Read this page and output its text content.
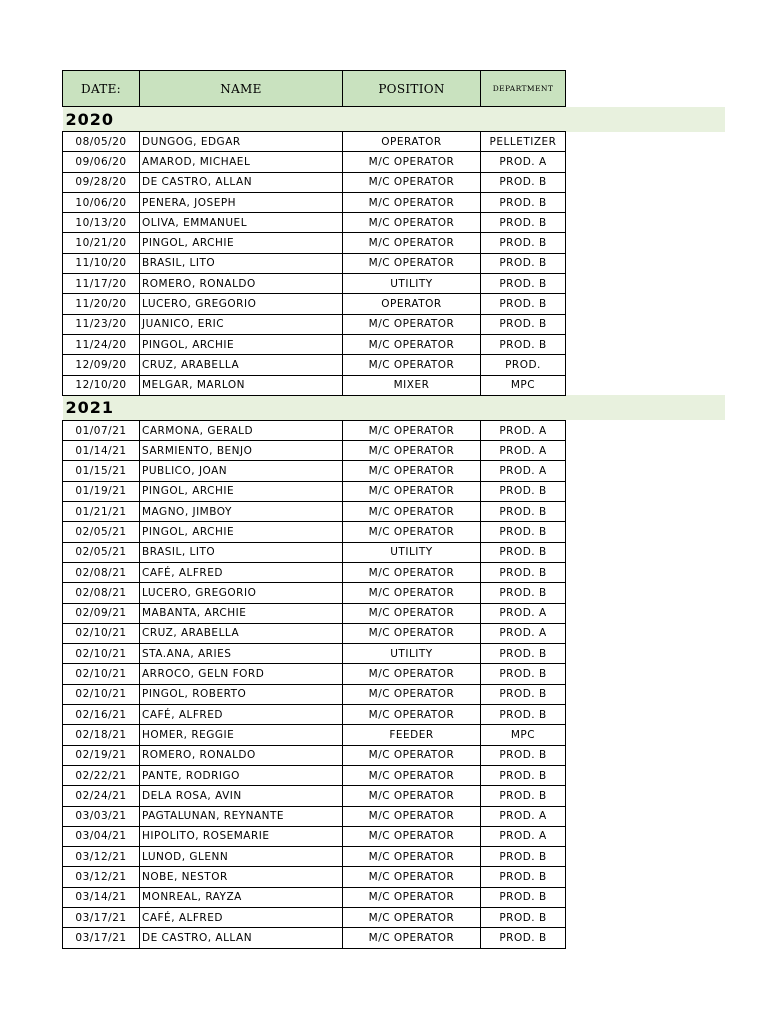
DATE:	NAME	POSITION	DEPARTMENT	
2020				
08/05/20	DUNGOG, EDGAR	OPERATOR	PELLETIZER	
09/06/20	AMAROD, MICHAEL	M/C OPERATOR	PROD. A	
09/28/20	DE CASTRO, ALLAN	M/C OPERATOR	PROD. B	
10/06/20	PENERA, JOSEPH	M/C OPERATOR	PROD. B	
10/13/20	OLIVA, EMMANUEL	M/C OPERATOR	PROD. B	
10/21/20	PINGOL, ARCHIE	M/C OPERATOR	PROD. B	
11/10/20	BRASIL, LITO	M/C OPERATOR	PROD. B	
11/17/20	ROMERO, RONALDO	UTILITY	PROD. B	
11/20/20	LUCERO, GREGORIO	OPERATOR	PROD. B	
11/23/20	JUANICO, ERIC	M/C OPERATOR	PROD. B	
11/24/20	PINGOL, ARCHIE	M/C OPERATOR	PROD. B	
12/09/20	CRUZ, ARABELLA	M/C OPERATOR	PROD.	
12/10/20	MELGAR, MARLON	MIXER	MPC	
2021				
01/07/21	CARMONA, GERALD	M/C OPERATOR	PROD. A	
01/14/21	SARMIENTO, BENJO	M/C OPERATOR	PROD. A	
01/15/21	PUBLICO, JOAN	M/C OPERATOR	PROD. A	
01/19/21	PINGOL, ARCHIE	M/C OPERATOR	PROD. B	
01/21/21	MAGNO, JIMBOY	M/C OPERATOR	PROD. B	
02/05/21	PINGOL, ARCHIE	M/C OPERATOR	PROD. B	
02/05/21	BRASIL, LITO	UTILITY	PROD. B	
02/08/21	CAFÉ, ALFRED	M/C OPERATOR	PROD. B	
02/08/21	LUCERO, GREGORIO	M/C OPERATOR	PROD. B	
02/09/21	MABANTA, ARCHIE	M/C OPERATOR	PROD. A	
02/10/21	CRUZ, ARABELLA	M/C OPERATOR	PROD. A	
02/10/21	STA.ANA, ARIES	UTILITY	PROD. B	
02/10/21	ARROCO, GELN FORD	M/C OPERATOR	PROD. B	
02/10/21	PINGOL, ROBERTO	M/C OPERATOR	PROD. B	
02/16/21	CAFÉ, ALFRED	M/C OPERATOR	PROD. B	
02/18/21	HOMER, REGGIE	FEEDER	MPC	
02/19/21	ROMERO, RONALDO	M/C OPERATOR	PROD. B	
02/22/21	PANTE, RODRIGO	M/C OPERATOR	PROD. B	
02/24/21	DELA ROSA, AVIN	M/C OPERATOR	PROD. B	
03/03/21	PAGTALUNAN, REYNANTE	M/C OPERATOR	PROD. A	
03/04/21	HIPOLITO, ROSEMARIE	M/C OPERATOR	PROD. A	
03/12/21	LUNOD, GLENN	M/C OPERATOR	PROD. B	
03/12/21	NOBE, NESTOR	M/C OPERATOR	PROD. B	
03/14/21	MONREAL, RAYZA	M/C OPERATOR	PROD. B	
03/17/21	CAFÉ, ALFRED	M/C OPERATOR	PROD. B	
03/17/21	DE CASTRO, ALLAN	M/C OPERATOR	PROD. B	
